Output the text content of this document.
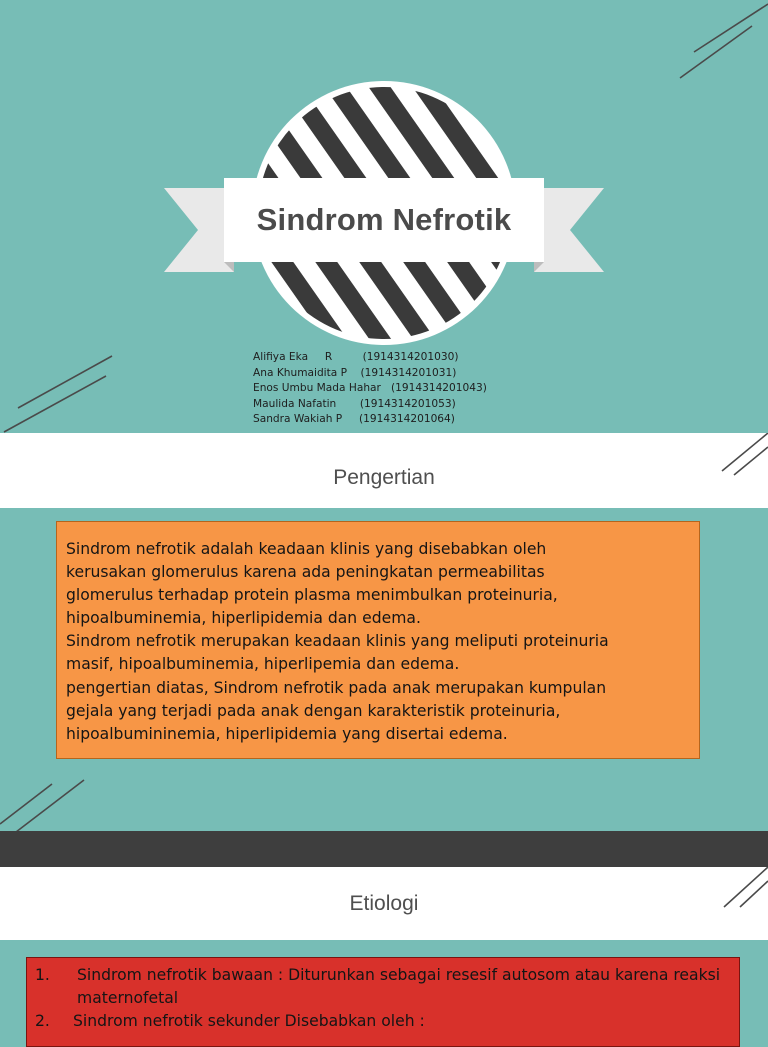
Sindrom Nefrotik
Alifiya Eka     R         (1914314201030)
Ana Khumaidita P    (1914314201031)
Enos Umbu Mada Hahar   (1914314201043)
Maulida Nafatin       (1914314201053)
Sandra Wakiah P     (1914314201064)
Pengertian
Sindrom nefrotik adalah keadaan klinis yang disebabkan oleh
kerusakan glomerulus karena ada peningkatan permeabilitas
glomerulus terhadap protein plasma menimbulkan proteinuria,
hipoalbuminemia, hiperlipidemia dan edema.
Sindrom nefrotik merupakan keadaan klinis yang meliputi proteinuria
masif, hipoalbuminemia, hiperlipemia dan edema.
pengertian diatas, Sindrom nefrotik pada anak merupakan kumpulan
gejala yang terjadi pada anak dengan karakteristik proteinuria,
hipoalbumininemia, hiperlipidemia yang disertai edema.
Etiologi
1.	Sindrom nefrotik bawaan : Diturunkan sebagai resesif autosom atau karena reaksi maternofetal
2.	Sindrom nefrotik sekunder Disebabkan oleh :
